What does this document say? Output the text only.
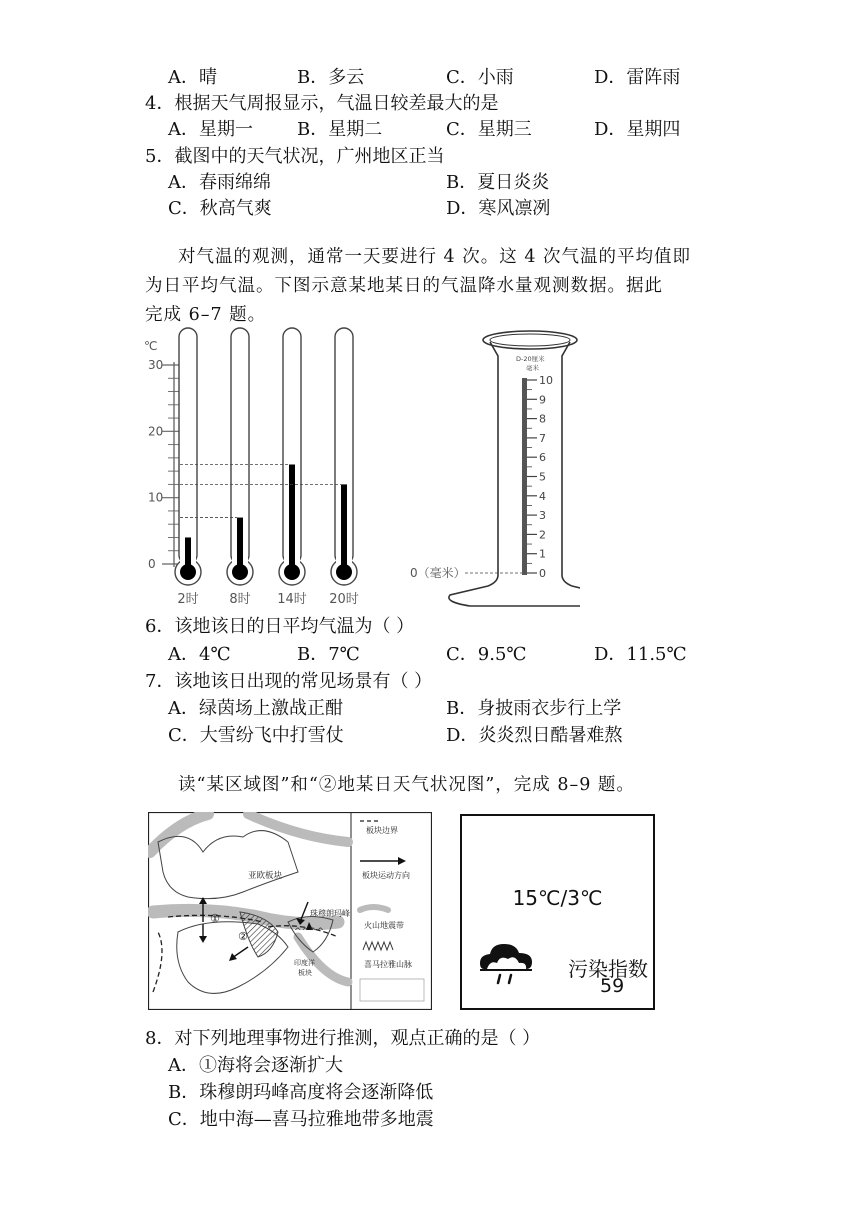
A．晴	B．多云	C．小雨	D．雷阵雨
4．根据天气周报显示，气温日较差最大的是
A．星期一 B．星期二	C．星期三	D．星期四
5．截图中的天气状况，广州地区正当
A．春雨绵绵	B．夏日炎炎
C．秋高气爽	D．寒风凛冽
对气温的观测，通常一天要进行 4 次。这 4 次气温的平均值即
为日平均气温。下图示意某地某日的气温降水量观测数据。据此
完成 6–7 题。
℃
30
20
10
0
2时 8时 14时 20时
D-20厘米
毫米
10
9
8
7
6
5
4
3
2
1
0
0（毫米）
6．该地该日的日平均气温为（ ）
A．4℃	B．7℃	C．9.5℃	D．11.5℃
7．该地该日出现的常见场景有（ ）
A．绿茵场上激战正酣	B．身披雨衣步行上学
C．大雪纷飞中打雪仗	D．炎炎烈日酷暑难熬
读“某区域图”和“②地某日天气状况图”，完成 8–9 题。
^^^^
亚欧板块
珠穆朗玛峰
印度洋
板块
①
②
板块边界
板块运动方向
火山地震带
喜马拉雅山脉
15℃/3℃
污染指数
59
8．对下列地理事物进行推测，观点正确的是（ ）
A．①海将会逐渐扩大
B．珠穆朗玛峰高度将会逐渐降低
C．地中海—喜马拉雅地带多地震
